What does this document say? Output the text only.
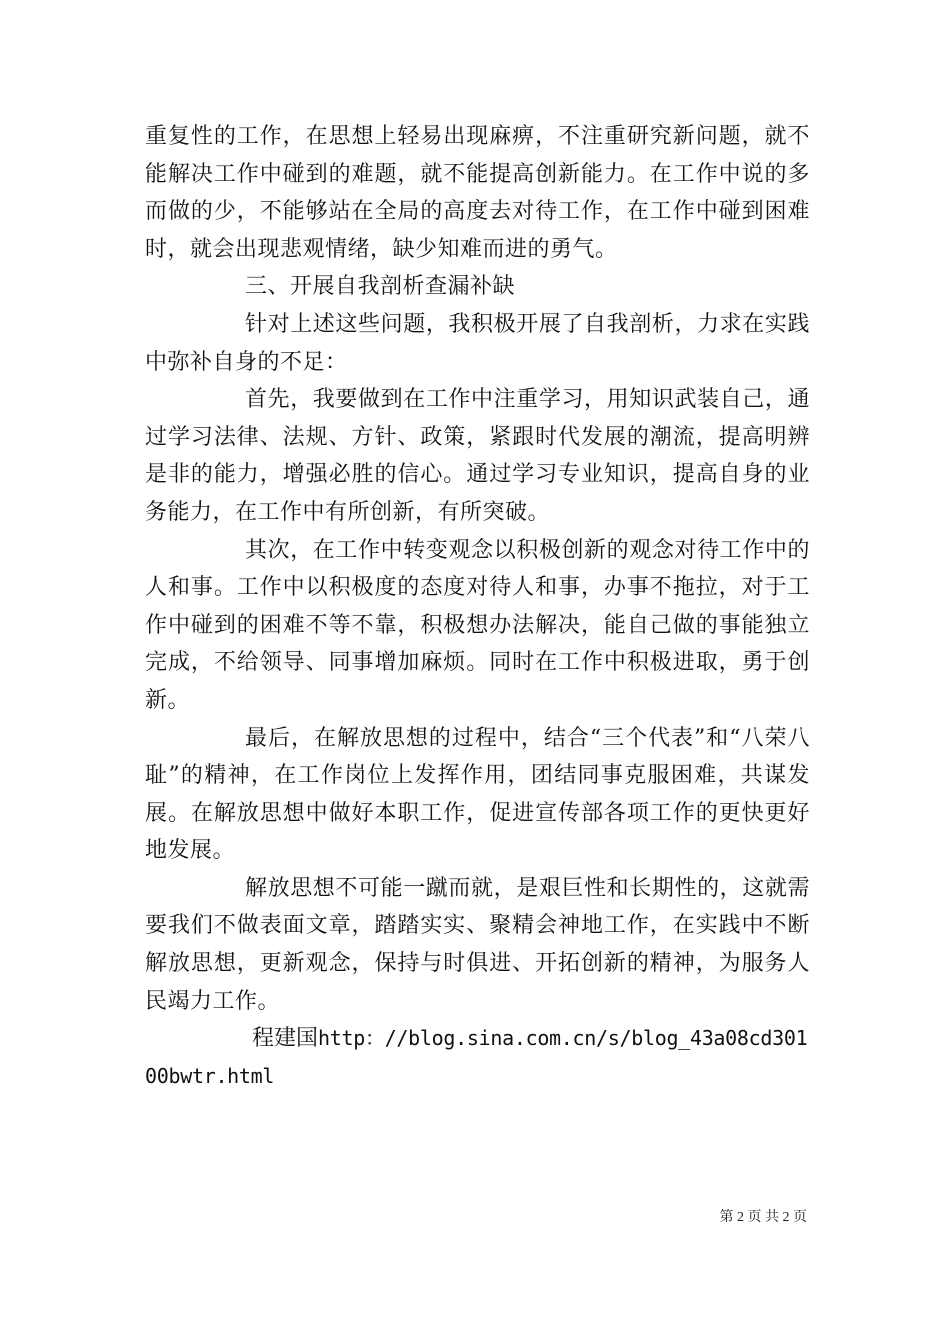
重复性的工作，在思想上轻易出现麻痹，不注重研究新问题，就不能解决工作中碰到的难题，就不能提高创新能力。在工作中说的多而做的少，不能够站在全局的高度去对待工作，在工作中碰到困难时，就会出现悲观情绪，缺少知难而进的勇气。

三、开展自我剖析查漏补缺

针对上述这些问题，我积极开展了自我剖析，力求在实践中弥补自身的不足：

首先，我要做到在工作中注重学习，用知识武装自己，通过学习法律、法规、方针、政策，紧跟时代发展的潮流，提高明辨是非的能力，增强必胜的信心。通过学习专业知识，提高自身的业务能力，在工作中有所创新，有所突破。

其次，在工作中转变观念以积极创新的观念对待工作中的人和事。工作中以积极度的态度对待人和事，办事不拖拉，对于工作中碰到的困难不等不靠，积极想办法解决，能自己做的事能独立完成，不给领导、同事增加麻烦。同时在工作中积极进取，勇于创新。

最后，在解放思想的过程中，结合“三个代表”和“八荣八耻”的精神，在工作岗位上发挥作用，团结同事克服困难，共谋发展。在解放思想中做好本职工作，促进宣传部各项工作的更快更好地发展。

解放思想不可能一蹴而就，是艰巨性和长期性的，这就需要我们不做表面文章，踏踏实实、聚精会神地工作，在实践中不断解放思想，更新观念，保持与时俱进、开拓创新的精神，为服务人民竭力工作。

程建国http：//blog.sina.com.cn/s/blog_43a08cd30100bwtr.html

第 2 页 共 2 页
